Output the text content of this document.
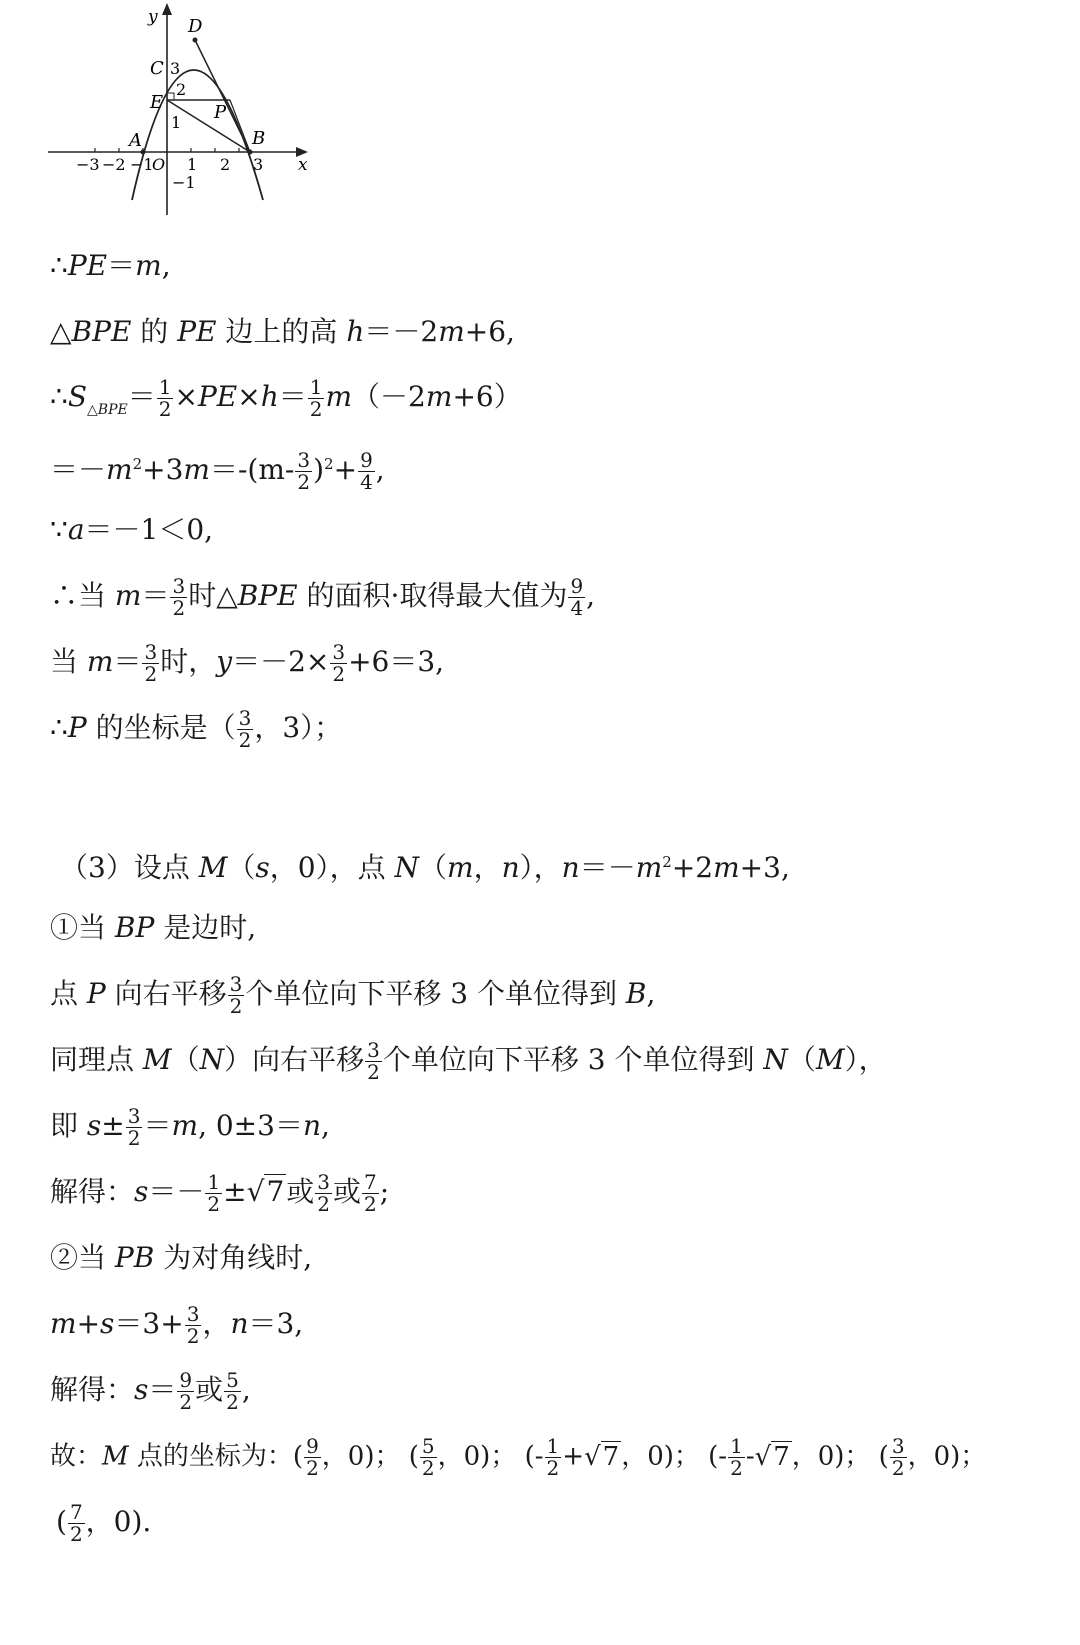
x
y
−3 −2 −1
O 1 2 3
3
2
1
−1
D
C
E	P
A	B
∴PE＝m,
△BPE 的 PE 边上的高 h＝－2m+6,
$\therefore S_{\triangle BPE}= \frac{1}{2} \times PE\times h= \frac{1}{2} m(-2m+6)$
$=-m^2+3m=-(m- \frac{3}{2} )^2+ \frac{9}{4}$ ,
∵a＝－1＜0,
∴当 $m= \frac{3}{2}$ 时△BPE 的面积·取得最大值为 $\frac{9}{4}$ ,
当 $m= \frac{3}{2}$ 时，$y=-2\times \frac{3}{2} +6=3$,
∴P 的坐标是（ $\frac{3}{2}$ ，3）；
（3）设点 M（s，0），点 N（m，n），$n=-m^2+2m+3$,
①当 BP 是边时,
点 P 向右平移 $\frac{3}{2}$ 个单位向下平移 3 个单位得到 B,
同理点 M（N）向右平移 $\frac{3}{2}$ 个单位向下平移 3 个单位得到 N（M），
即 $s\pm \frac{3}{2} =m$, 0±3＝n,
解得：$s=- \frac{1}{2} \pm√7$或 $\frac{3}{2}$ 或 $\frac{7}{2}$ ;
②当 PB 为对角线时,
$m+s=3+ \frac{3}{2}$ ，n＝3,
解得：$s= \frac{9}{2}$ 或 $\frac{5}{2}$ ,
故：M 点的坐标为：( $\frac{9}{2}$ ，0)； ( $\frac{5}{2}$ ，0)； (- $\frac{1}{2} +√7$，0)； (- $\frac{1}{2} -√7$，0)； ( $\frac{3}{2}$ ，0)；
( $\frac{7}{2}$ ，0).
